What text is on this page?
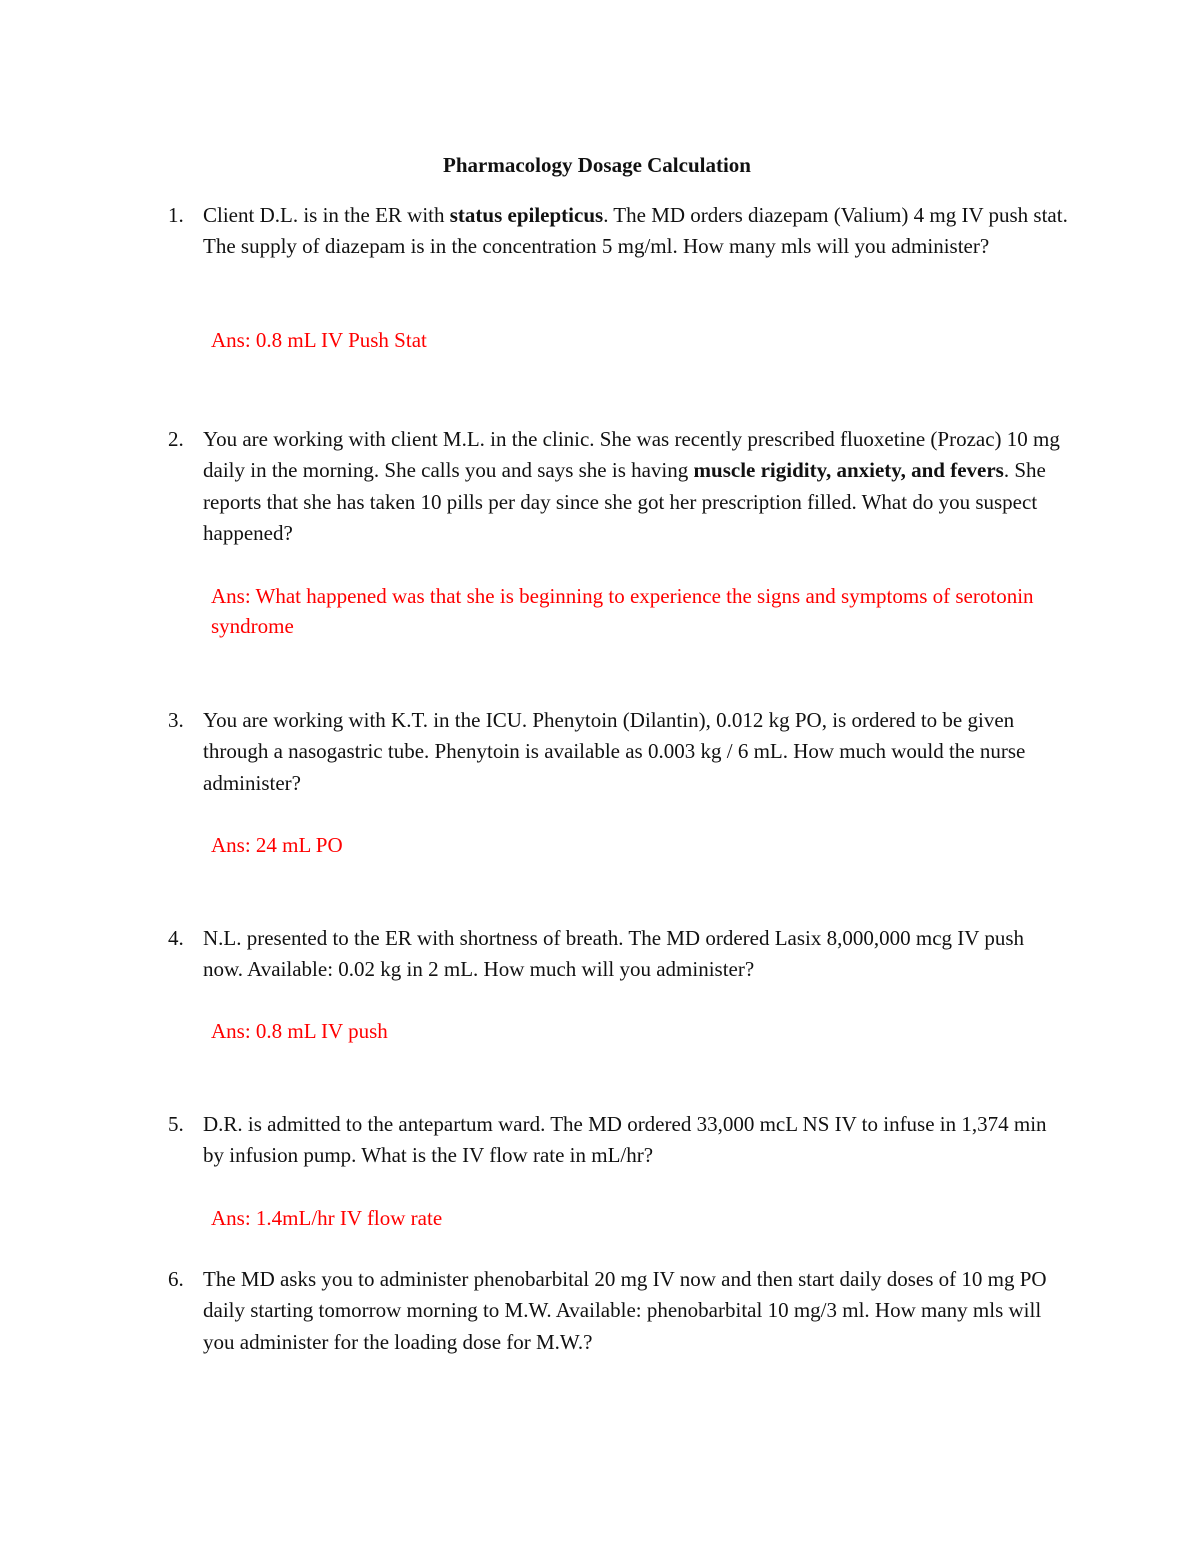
Pharmacology Dosage Calculation
1. Client D.L. is in the ER with status epilepticus. The MD orders diazepam (Valium) 4 mg IV push stat. The supply of diazepam is in the concentration 5 mg/ml. How many mls will you administer?
Ans: 0.8 mL IV Push Stat
2. You are working with client M.L. in the clinic. She was recently prescribed fluoxetine (Prozac) 10 mg daily in the morning. She calls you and says she is having muscle rigidity, anxiety, and fevers. She reports that she has taken 10 pills per day since she got her prescription filled. What do you suspect happened?
Ans: What happened was that she is beginning to experience the signs and symptoms of serotonin syndrome
3. You are working with K.T. in the ICU. Phenytoin (Dilantin), 0.012 kg PO, is ordered to be given through a nasogastric tube. Phenytoin is available as 0.003 kg / 6 mL. How much would the nurse administer?
Ans: 24 mL PO
4. N.L. presented to the ER with shortness of breath. The MD ordered Lasix 8,000,000 mcg IV push now. Available: 0.02 kg in 2 mL. How much will you administer?
Ans: 0.8 mL IV push
5. D.R. is admitted to the antepartum ward. The MD ordered 33,000 mcL NS IV to infuse in 1,374 min by infusion pump. What is the IV flow rate in mL/hr?
Ans: 1.4mL/hr IV flow rate
6. The MD asks you to administer phenobarbital 20 mg IV now and then start daily doses of 10 mg PO daily starting tomorrow morning to M.W. Available: phenobarbital 10 mg/3 ml. How many mls will you administer for the loading dose for M.W.?
